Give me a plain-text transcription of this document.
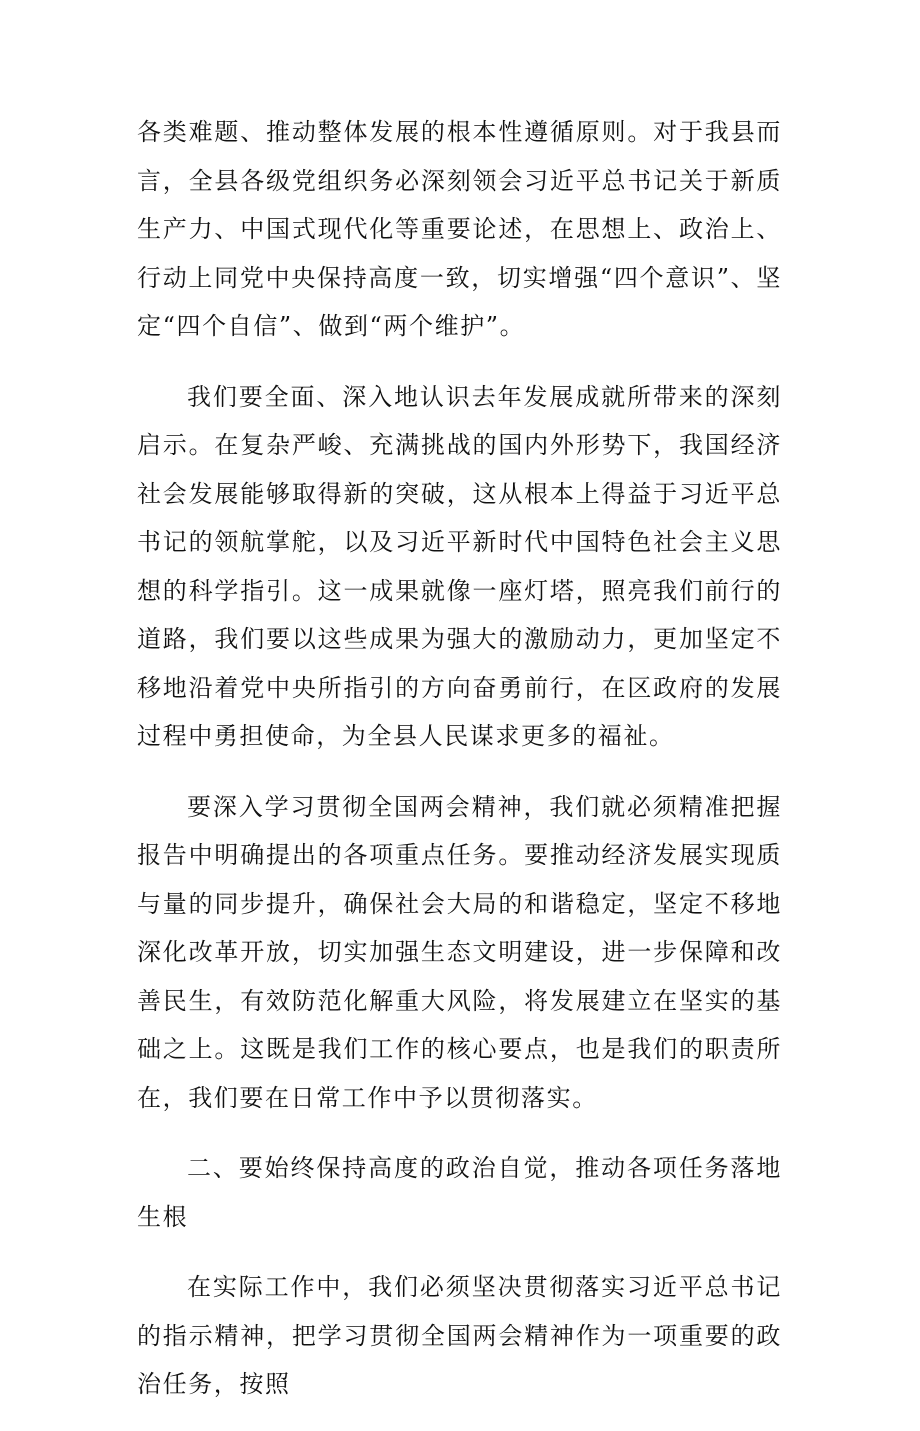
各类难题、推动整体发展的根本性遵循原则。对于我县而言，全县各级党组织务必深刻领会习近平总书记关于新质生产力、中国式现代化等重要论述，在思想上、政治上、行动上同党中央保持高度一致，切实增强“四个意识”、坚定“四个自信”、做到“两个维护”。

我们要全面、深入地认识去年发展成就所带来的深刻启示。在复杂严峻、充满挑战的国内外形势下，我国经济社会发展能够取得新的突破，这从根本上得益于习近平总书记的领航掌舵，以及习近平新时代中国特色社会主义思想的科学指引。这一成果就像一座灯塔，照亮我们前行的道路，我们要以这些成果为强大的激励动力，更加坚定不移地沿着党中央所指引的方向奋勇前行，在区政府的发展过程中勇担使命，为全县人民谋求更多的福祉。

要深入学习贯彻全国两会精神，我们就必须精准把握报告中明确提出的各项重点任务。要推动经济发展实现质与量的同步提升，确保社会大局的和谐稳定，坚定不移地深化改革开放，切实加强生态文明建设，进一步保障和改善民生，有效防范化解重大风险，将发展建立在坚实的基础之上。这既是我们工作的核心要点，也是我们的职责所在，我们要在日常工作中予以贯彻落实。

二、要始终保持高度的政治自觉，推动各项任务落地生根

在实际工作中，我们必须坚决贯彻落实习近平总书记的指示精神，把学习贯彻全国两会精神作为一项重要的政治任务，按照
